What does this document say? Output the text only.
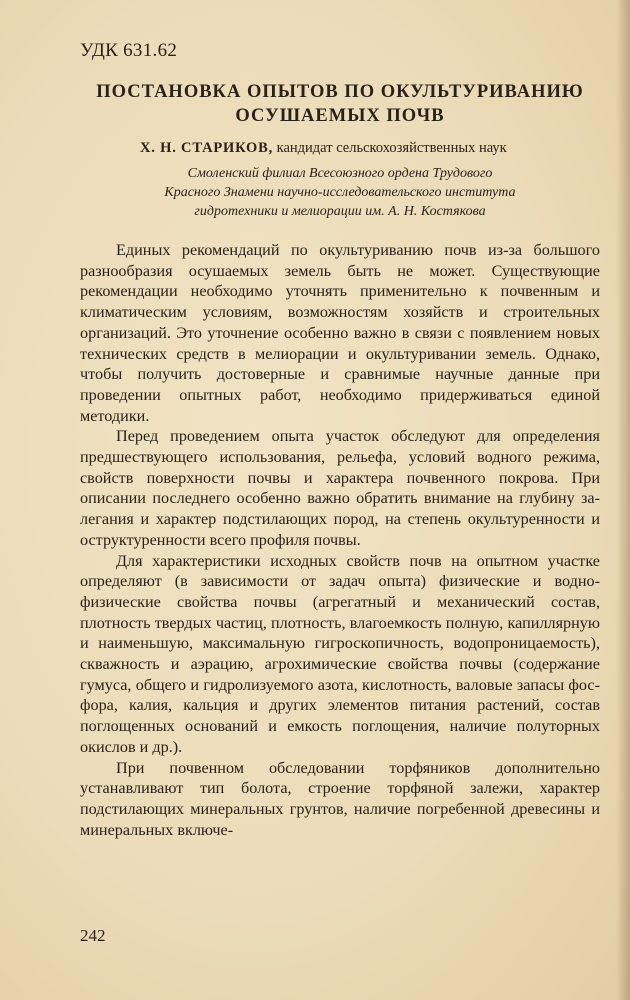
УДК 631.62
ПОСТАНОВКА ОПЫТОВ ПО ОКУЛЬТУРИВАНИЮ
ОСУШАЕМЫХ ПОЧВ
Х. Н. СТАРИКОВ, кандидат сельскохозяйственных наук
Смоленский филиал Всесоюзного ордена Трудового
Красного Знамени научно-исследовательского института
гидротехники и мелиорации им. А. Н. Костякова

Единых рекомендаций по окультуриванию почв из-за большого разнообразия осушаемых земель быть не может. Существующие рекомендации необходимо уточнять применительно к почвенным и климатическим условиям, возможностям хозяйств и строительных организаций. Это уточнение особенно важно в связи с появлением новых технических средств в мелиорации и окультуривании земель. Однако, чтобы получить достоверные и сравнимые научные данные при проведении опытных работ, необходимо придерживаться единой методики.

Перед проведением опыта участок обследуют для определения предшествующего использования, рельефа, условий водного режима, свойств поверхности почвы и характера почвенного покрова. При описании последнего особенно важно обратить внимание на глубину залегания и характер подстилающих пород, на степень окультуренности и оструктуренности всего профиля почвы.

Для характеристики исходных свойств почв на опытном участке определяют (в зависимости от задач опыта) физические и водно-физические свойства почвы (агрегатный и механический состав, плотность твердых частиц, плотность, влагоемкость полную, капиллярную и наименьшую, максимальную гигроскопичность, водопроницаемость), скважность и аэрацию, агрохимические свойства почвы (содержание гумуса, общего и гидролизуемого азота, кислотность, валовые запасы фосфора, калия, кальция и других элементов питания растений, состав поглощенных оснований и емкость поглощения, наличие полуторных окислов и др.).

При почвенном обследовании торфяников дополнительно устанавливают тип болота, строение торфяной залежи, характер подстилающих минеральных грунтов, наличие погребенной древесины и минеральных включе-

242
